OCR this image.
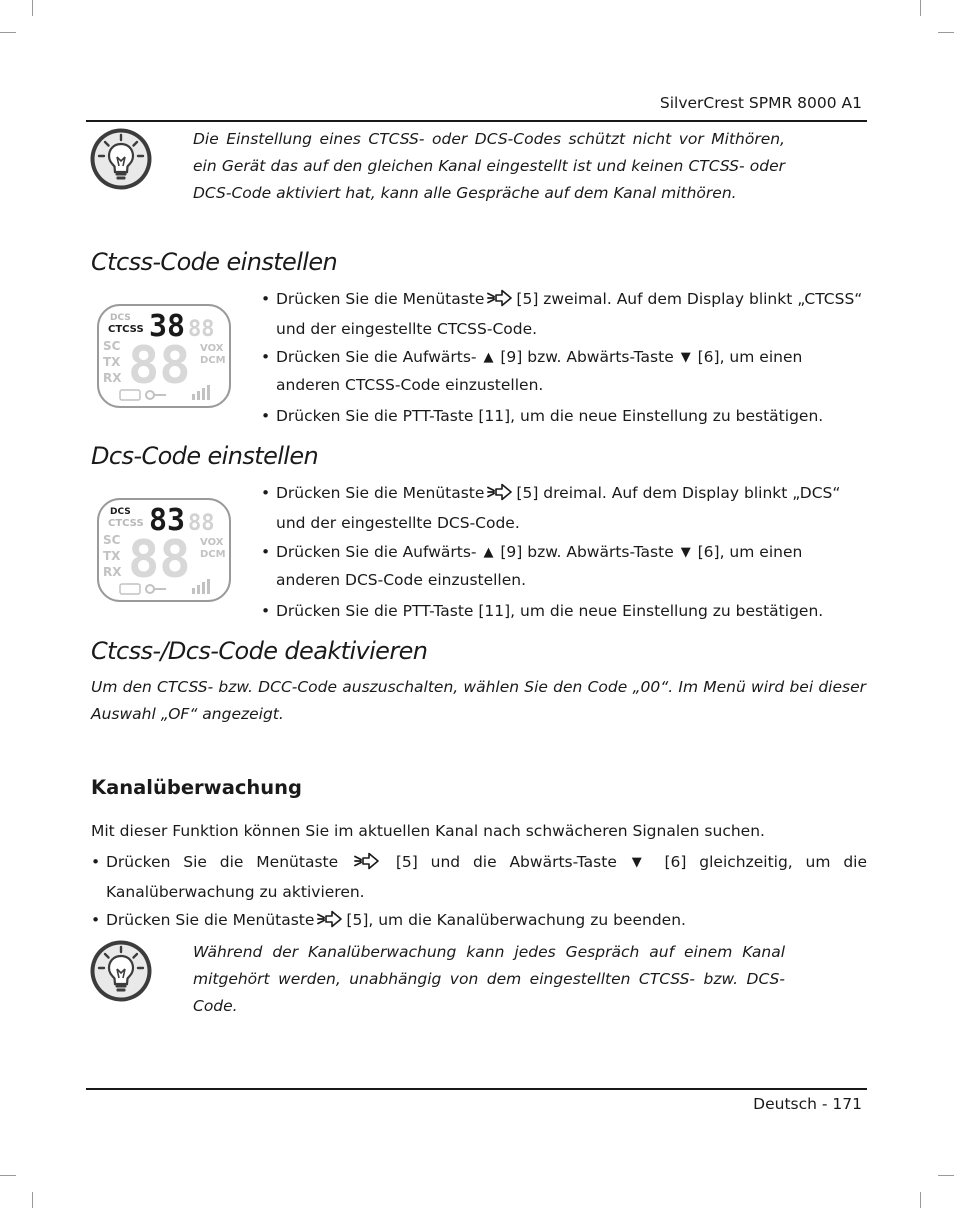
SilverCrest SPMR 8000 A1
Die Einstellung eines CTCSS- oder DCS-Codes schützt nicht vor Mithören, ein Gerät das auf den gleichen Kanal eingestellt ist und keinen CTCSS- oder DCS-Code aktiviert hat, kann alle Gespräche auf dem Kanal mithören.
Ctcss-Code einstellen
DCS
CTCSS 38 88
SC
TX
RX 88 VOX
DCM
• Drücken Sie die Menütaste [5] zweimal. Auf dem Display blinkt „CTCSS“ und der eingestellte CTCSS-Code.
• Drücken Sie die Aufwärts- ▲ [9] bzw. Abwärts-Taste ▼ [6], um einen anderen CTCSS-Code einzustellen.
• Drücken Sie die PTT-Taste [11], um die neue Einstellung zu bestätigen.
Dcs-Code einstellen
DCS
CTCSS 83 88
SC
TX
RX 88 VOX
DCM
• Drücken Sie die Menütaste [5] dreimal. Auf dem Display blinkt „DCS“ und der eingestellte DCS-Code.
• Drücken Sie die Aufwärts- ▲ [9] bzw. Abwärts-Taste ▼ [6], um einen anderen DCS-Code einzustellen.
• Drücken Sie die PTT-Taste [11], um die neue Einstellung zu bestätigen.
Ctcss-/Dcs-Code deaktivieren
Um den CTCSS- bzw. DCC-Code auszuschalten, wählen Sie den Code „00“. Im Menü wird bei dieser Auswahl „OF“ angezeigt.
Kanalüberwachung
Mit dieser Funktion können Sie im aktuellen Kanal nach schwächeren Signalen suchen.
• Drücken Sie die Menütaste	[5] und die Abwärts-Taste ▼ [6] gleichzeitig, um die Kanalüberwachung zu aktivieren.
• Drücken Sie die Menütaste [5], um die Kanalüberwachung zu beenden.
Während der Kanalüberwachung kann jedes Gespräch auf einem Kanal mitgehört werden, unabhängig von dem eingestellten CTCSS- bzw. DCS-Code.
Deutsch - 171
